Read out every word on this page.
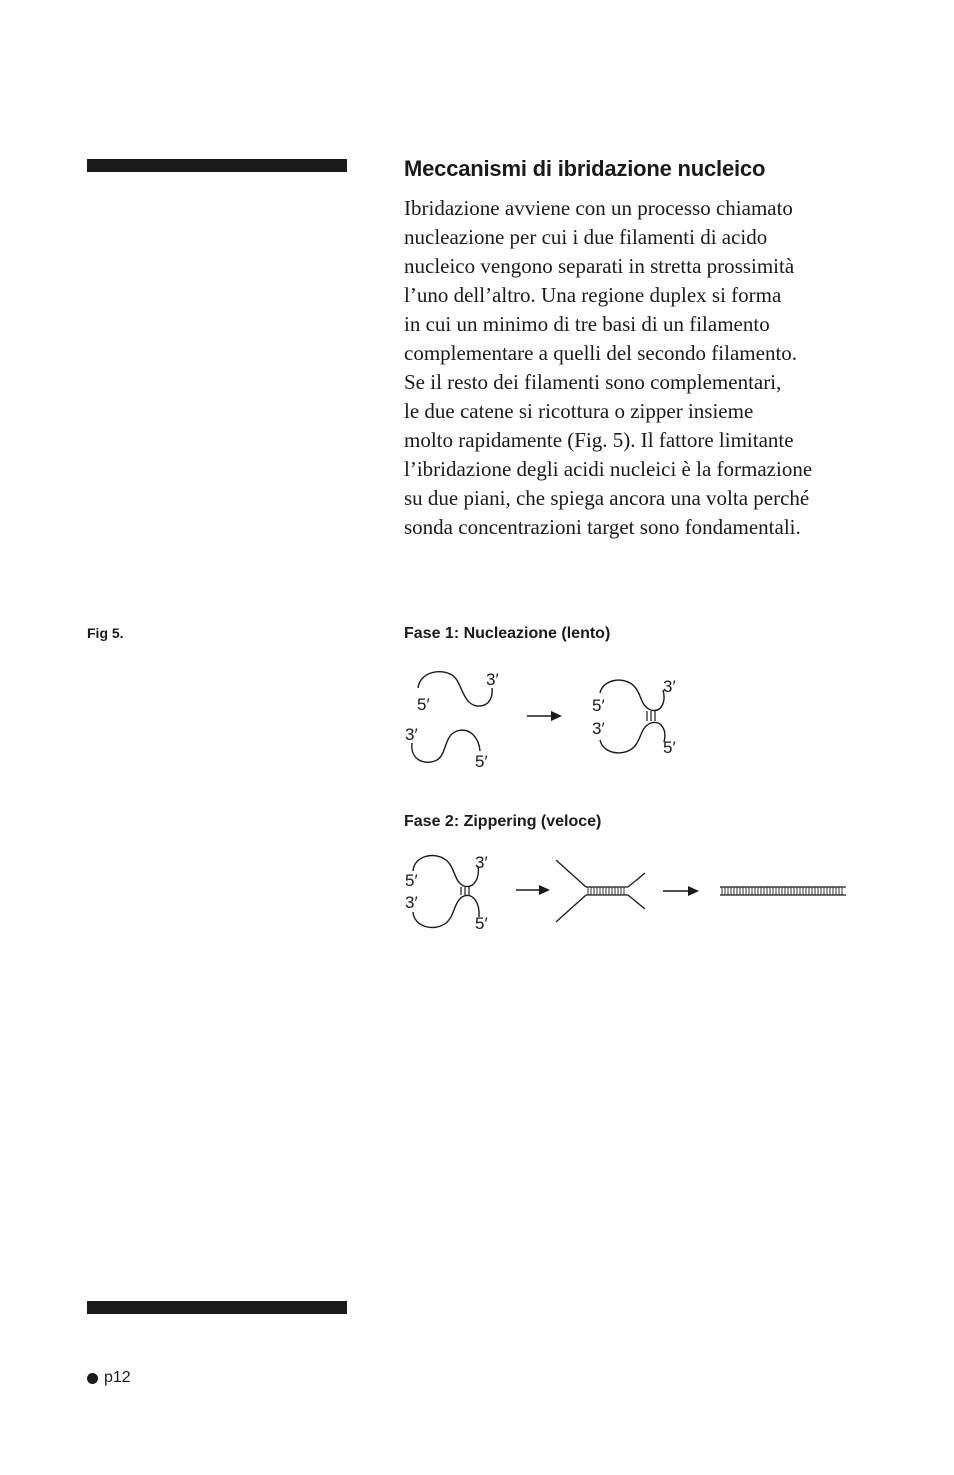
Meccanismi di ibridazione nucleico

Ibridazione avviene con un processo chiamato
nucleazione per cui i due filamenti di acido
nucleico vengono separati in stretta prossimità
l’uno dell’altro. Una regione duplex si forma
in cui un minimo di tre basi di un filamento
complementare a quelli del secondo filamento.
Se il resto dei filamenti sono complementari,
le due catene si ricottura o zipper insieme
molto rapidamente (Fig. 5). Il fattore limitante
l’ibridazione degli acidi nucleici è la formazione
su due piani, che spiega ancora una volta perché
sonda concentrazioni target sono fondamentali.

Fig 5.	Fase 1: Nucleazione (lento)
5′
3′
3′
5′
5′
3′
3′
5′
Fase 2: Zippering (veloce)
3′
5′
3′
5′
p12
